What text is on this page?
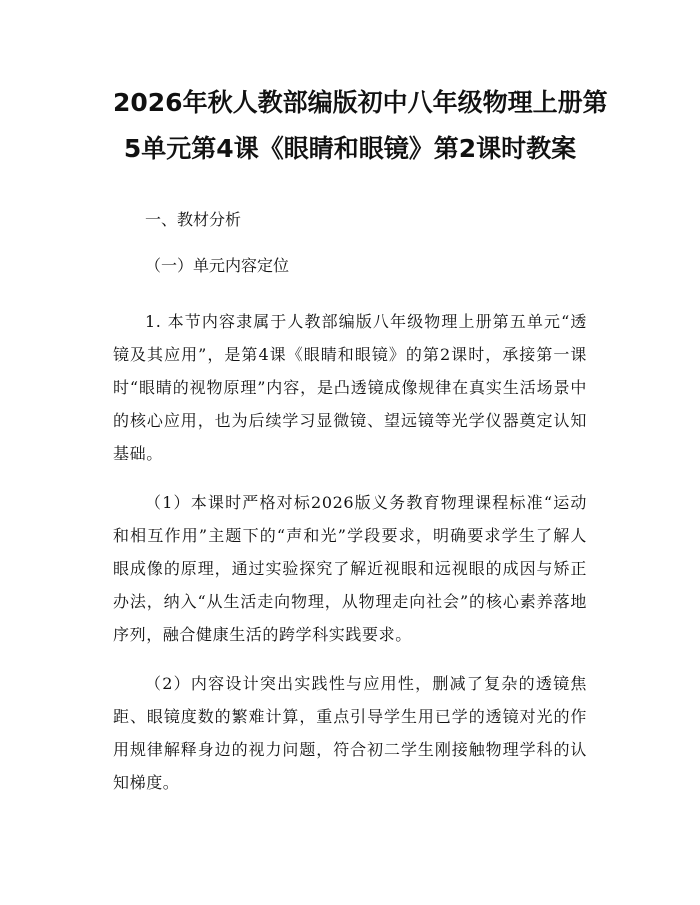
2026年秋人教部编版初中八年级物理上册第
5单元第4课《眼睛和眼镜》第2课时教案

一、教材分析

（一）单元内容定位

1. 本节内容隶属于人教部编版八年级物理上册第五单元“透镜及其应用”，是第4课《眼睛和眼镜》的第2课时，承接第一课时“眼睛的视物原理”内容，是凸透镜成像规律在真实生活场景中的核心应用，也为后续学习显微镜、望远镜等光学仪器奠定认知基础。

（1）本课时严格对标2026版义务教育物理课程标准“运动和相互作用”主题下的“声和光”学段要求，明确要求学生了解人眼成像的原理，通过实验探究了解近视眼和远视眼的成因与矫正办法，纳入“从生活走向物理，从物理走向社会”的核心素养落地序列，融合健康生活的跨学科实践要求。

（2）内容设计突出实践性与应用性，删减了复杂的透镜焦距、眼镜度数的繁难计算，重点引导学生用已学的透镜对光的作用规律解释身边的视力问题，符合初二学生刚接触物理学科的认知梯度。
